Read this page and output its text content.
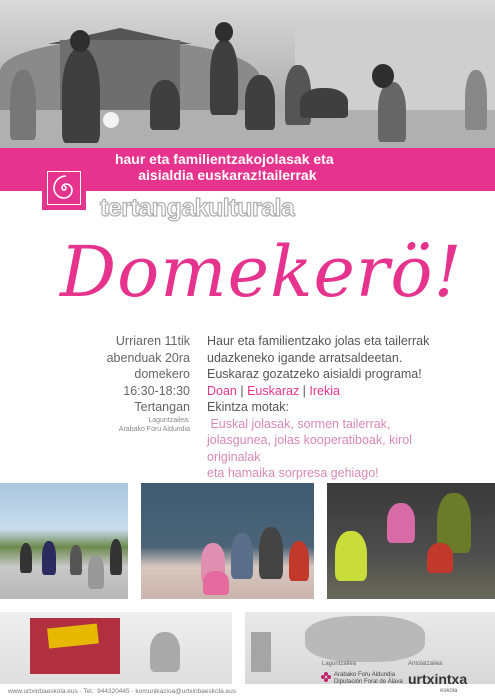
haur eta familientzako
aisialdia euskaraz!
jolasak eta
tailerrak
tertangakulturala
Domekerö!
Urriaren 11tik
abenduak 20ra
domekero
16:30-18:30
Tertangan
Laguntzailea:
Arabako Foru Aldundia
Haur eta familientzako jolas eta tailerrak
udazkeneko igande arratsaldeetan.
Euskaraz gozatzeko aisialdi programa!
Doan | Euskaraz | Irekia
Ekintza motak: Euskal jolasak, sormen tailerrak,
jolasgunea, jolas kooperatiboak, kirol originalak
eta hamaika sorpresa gehiago!
www.urtxinbaeskola.eus · Tel.: 944320445 · komunikazioa@urtxinbaeskola.eus
Laguntzailea
Arabako Foru Aldundia
Diputación Foral de Álava
Antolatzailea
urtxintxa
eskola
